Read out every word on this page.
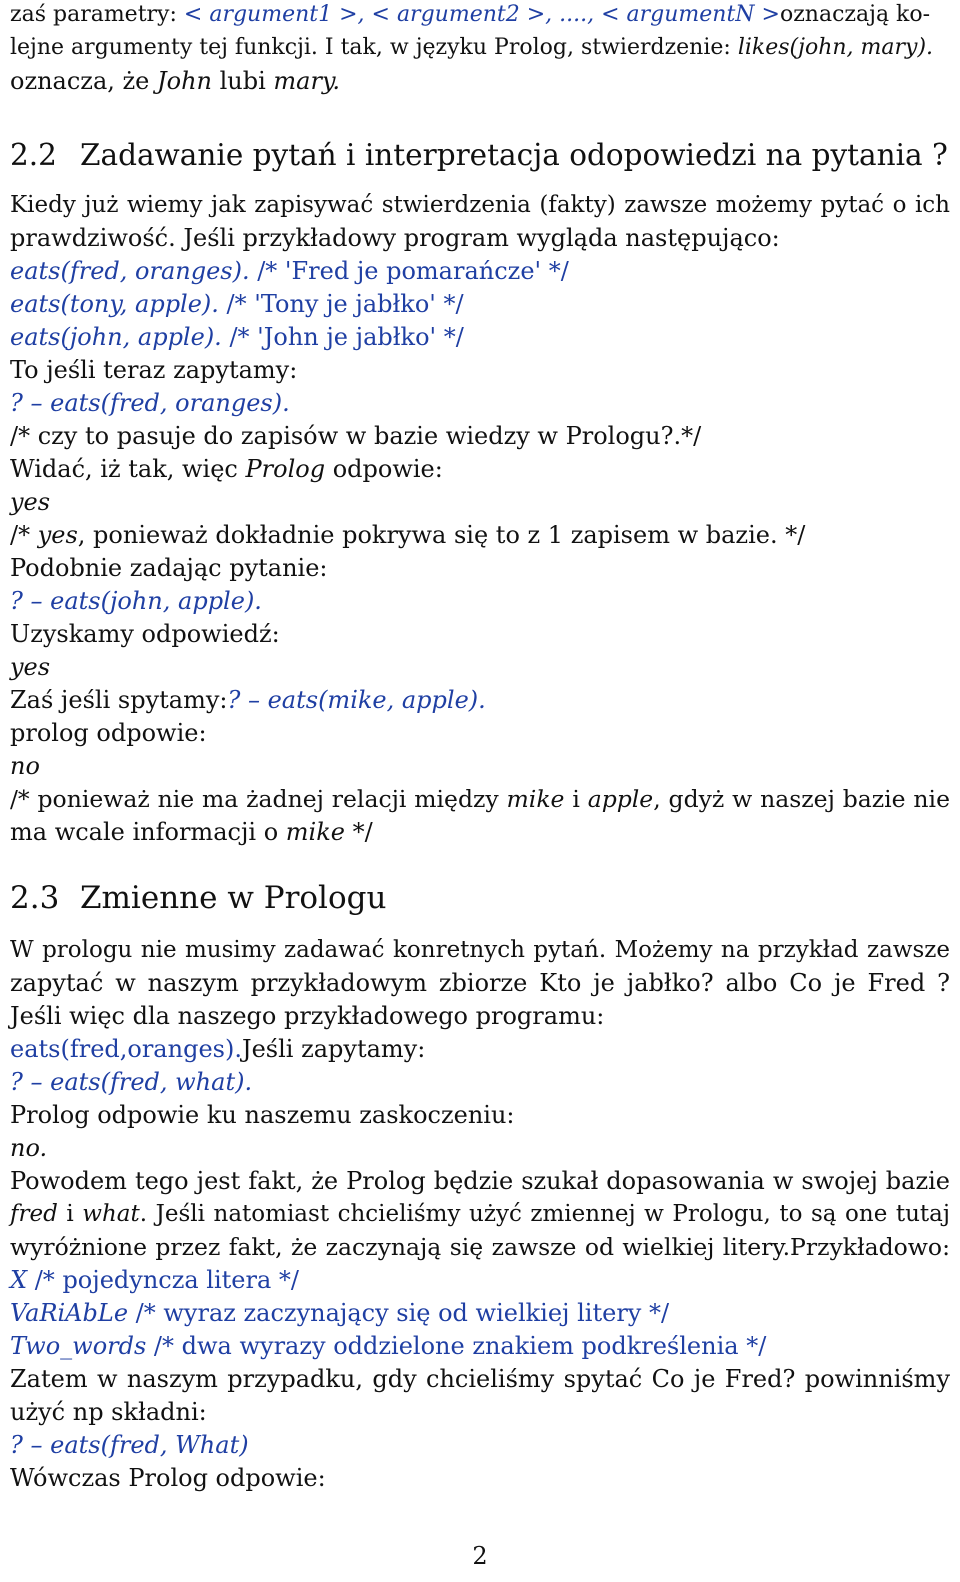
zaś parametry: < argument1 >, < argument2 >, ...., < argumentN >oznaczają ko-
lejne argumenty tej funkcji. I tak, w języku Prolog, stwierdzenie: likes(john, mary).
oznacza, że John lubi mary.
2.2 Zadawanie pytań i interpretacja odopowiedzi na pytania ?
Kiedy już wiemy jak zapisywać stwierdzenia (fakty) zawsze możemy pytać o ich
prawdziwość. Jeśli przykładowy program wygląda następująco:
eats(fred, oranges). /* 'Fred je pomarańcze' */
eats(tony, apple). /* 'Tony je jabłko' */
eats(john, apple). /* 'John je jabłko' */
To jeśli teraz zapytamy:
? – eats(fred, oranges).
/* czy to pasuje do zapisów w bazie wiedzy w Prologu?.*/
Widać, iż tak, więc Prolog odpowie:
yes
/* yes, ponieważ dokładnie pokrywa się to z 1 zapisem w bazie. */
Podobnie zadając pytanie:
? – eats(john, apple).
Uzyskamy odpowiedź:
yes
Zaś jeśli spytamy:? – eats(mike, apple).
prolog odpowie:
no
/* ponieważ nie ma żadnej relacji między mike i apple, gdyż w naszej bazie nie
ma wcale informacji o mike */
2.3 Zmienne w Prologu
W prologu nie musimy zadawać konretnych pytań. Możemy na przykład zawsze
zapytać w naszym przykładowym zbiorze Kto je jabłko? albo Co je Fred ?
Jeśli więc dla naszego przykładowego programu:
eats(fred,oranges).Jeśli zapytamy:
? – eats(fred, what).
Prolog odpowie ku naszemu zaskoczeniu:
no.
Powodem tego jest fakt, że Prolog będzie szukał dopasowania w swojej bazie
fred i what. Jeśli natomiast chcieliśmy użyć zmiennej w Prologu, to są one tutaj
wyróżnione przez fakt, że zaczynają się zawsze od wielkiej litery.Przykładowo:
X /* pojedyncza litera */
VaRiAbLe /* wyraz zaczynający się od wielkiej litery */
Two_words /* dwa wyrazy oddzielone znakiem podkreślenia */
Zatem w naszym przypadku, gdy chcieliśmy spytać Co je Fred? powinniśmy
użyć np składni:
? – eats(fred, What)
Wówczas Prolog odpowie:
2
